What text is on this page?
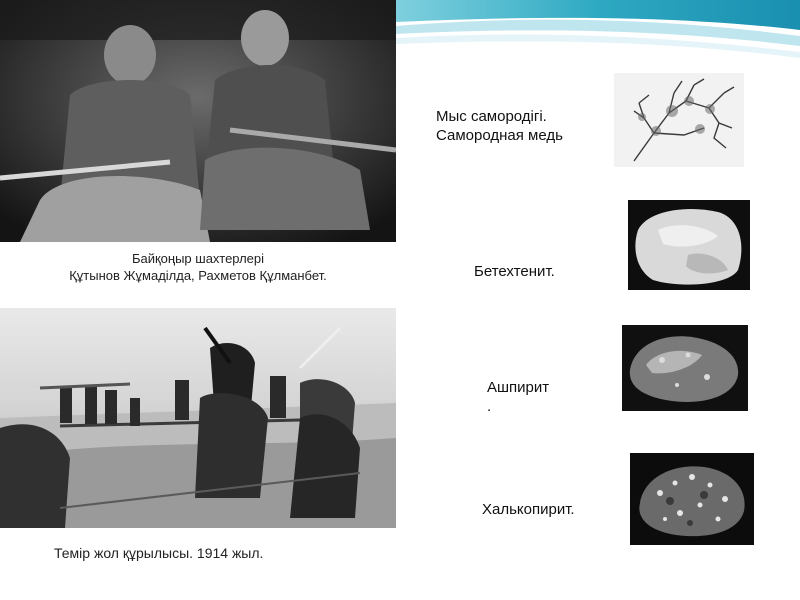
Байқоңыр шахтерлері
Құтынов Жұмаділда, Рахметов Құлманбет.
Темір жол құрылысы. 1914 жыл.
Мыс самородігі.
Самородная медь
Бетехтенит.
Ашпирит
.
Халькопирит.
